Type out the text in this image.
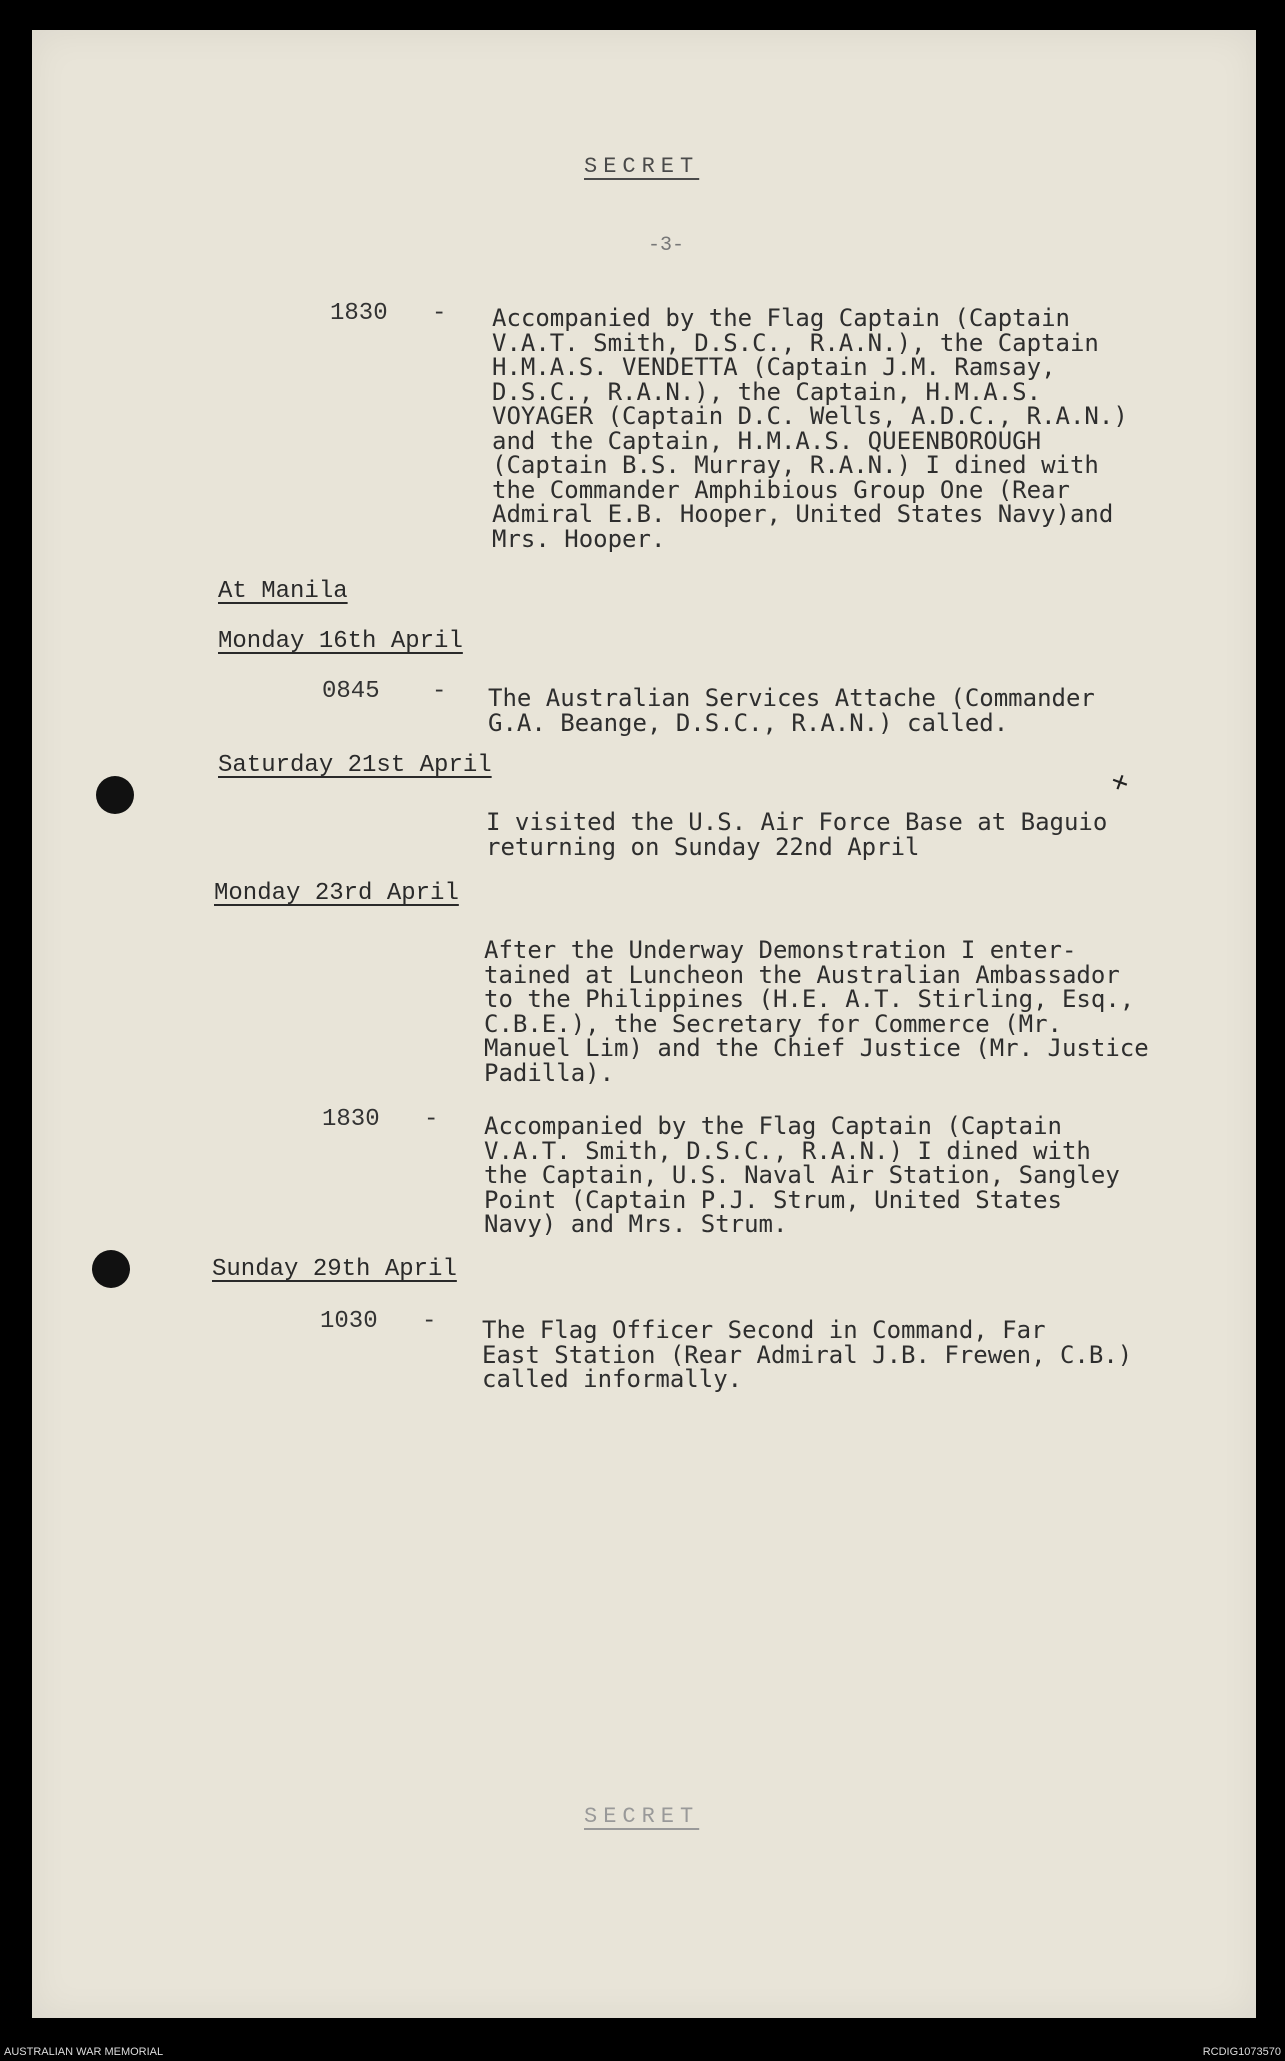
SECRET
-3-
1830 - Accompanied by the Flag Captain (Captain
V.A.T. Smith, D.S.C., R.A.N.), the Captain
H.M.A.S. VENDETTA (Captain J.M. Ramsay,
D.S.C., R.A.N.), the Captain, H.M.A.S.
VOYAGER (Captain D.C. Wells, A.D.C., R.A.N.)
and the Captain, H.M.A.S. QUEENBOROUGH
(Captain B.S. Murray, R.A.N.) I dined with
the Commander Amphibious Group One (Rear
Admiral E.B. Hooper, United States Navy)and
Mrs. Hooper.
At Manila
Monday 16th April
0845 - The Australian Services Attache (Commander
G.A. Beange, D.S.C., R.A.N.) called.
Saturday 21st April
I visited the U.S. Air Force Base at Baguio
returning on Sunday 22nd April
+
Monday 23rd April
After the Underway Demonstration I enter-
tained at Luncheon the Australian Ambassador
to the Philippines (H.E. A.T. Stirling, Esq.,
C.B.E.), the Secretary for Commerce (Mr.
Manuel Lim) and the Chief Justice (Mr. Justice
Padilla).
1830 - Accompanied by the Flag Captain (Captain
V.A.T. Smith, D.S.C., R.A.N.) I dined with
the Captain, U.S. Naval Air Station, Sangley
Point (Captain P.J. Strum, United States
Navy) and Mrs. Strum.
Sunday 29th April
1030 - The Flag Officer Second in Command, Far
East Station (Rear Admiral J.B. Frewen, C.B.)
called informally.
SECRET
AUSTRALIAN WAR MEMORIAL	RCDIG1073570
